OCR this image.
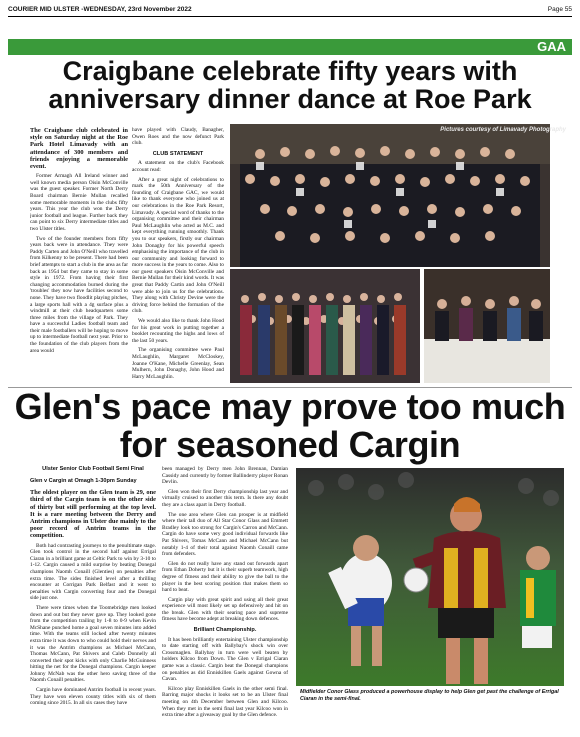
COURIER MID ULSTER -WEDNESDAY, 23rd November 2022	Page 55
GAA
Craigbane celebrate fifty years with anniversary dinner dance at Roe Park

The Craigbane club celebrated in style on Saturday night at the Roe Park Hotel Limavady with an attendance of 300 members and friends enjoying a memorable event.

Former Armagh All Ireland winner and well known media person Oisin McConville was the guest speaker. Former North Derry Board chairman Bernie Mullan recalled some memorable moments in the clubs fifty years. This year the club won the Derry junior football and league. Further back they can point to six Derry intermediate titles and two Ulster titles.

Two of the founder members from fifty years back were in attendance. They were Paddy Carten and John O'Neill who travelled from Kilkenny to be present. There had been brief attempts to start a club in the area as far back as 1954 but they came to stay in some style in 1972. From having their first changing accommodation burned during the 'troubles' they now have facilities second to none. They have two floodlit playing pitches, a large sports hall with a 4g surface plus a windmill at their club headquarters some three miles from the village of Park. They have a successful Ladies football team and their male footballers will be hoping to move up to intermediate football next year. Prior to the foundation of the club players from the area would

have played with Claudy, Banagher, Owen Roes and the now defunct Park club.

CLUB STATEMENT

A statement on the club's Facebook account read:

After a great night of celebrations to mark the 50th Anniversary of the founding of Craigbane GAC, we would like to thank everyone who joined us at our celebrations in the Roe Park Resort, Limavady. A special word of thanks to the organising committee and their chairman Paul McLaughlin who acted as M.C. and kept everything running smoothly. Thank you to our speakers, firstly our chairman John Donaghy for his powerful speech emphasising the importance of the club in our community and looking forward to more success in the years to come. Also to our guest speakers Oisin McConville and Bernie Mullan for their kind words. It was great that Paddy Cartin and John O'Neill were able to join us for the celebrations. They along with Christy Devine were the driving force behind the formation of the club.

We would also like to thank John Hood for his great work in putting together a booklet recounting the highs and lows of the last 50 years.

The organising committee were Paul McLaughlin, Margaret McCloskey, Joanne O'Kane, Michelle Greenlay, Sean Mulhern, John Donaghy, John Hood and Harry McLaughlin.

Pictures courtesy of Limavady Photography
Glen's pace may prove too much for seasoned Cargin
Ulster Senior Club Football Semi Final
Glen v Cargin at Omagh 1-30pm Sunday

The oldest player on the Glen team is 29, one third of the Cargin team is on the other side of thirty but still performing at the top level. It is a rare meeting between the Derry and Antrim champions in Ulster due mainly to the poor record of Antrim teams in the competition.

Both had contrasting journeys to the penultimate stage. Glen took control in the second half against Errigal Ciaran in a brilliant game at Celtic Park to win by 3-10 to 1-12. Cargin caused a mild surprise by beating Donegal champions Naomh Conaill (Glenties) on penalties after extra time. The sides finished level after a thrilling encounter at Corrigan Park Belfast and it went to penalties with Cargin converting four and the Donegal side just one.

There were times when the Toomebridge men looked down and out but they never gave up. They looked gone from the competition trailing by 1-8 to 0-9 when Kevin McShane punched home a goal seven minutes into added time. With the teams still locked after twenty minutes extra time it was down to who could hold their nerves and it was the Antrim champions as Michael McCann, Thomas McCann, Pat Shivers and Caleb Donnelly all converted their spot kicks with only Charlie McGuinness hitting the net for the Donegal champions. Cargin keeper Johnny McNab was the other hero saving three of the Naomh Conaill penalties.

Cargin have dominated Antrim football in recent years. They have won eleven county titles with six of them coming since 2015. In all six cases they have

been managed by Derry men John Brennan, Damian Cassidy and currently by former Ballinderry player Ronan Devlin.

Glen won their first Derry championship last year and virtually cruised to another this term. Is there any doubt they are a class apart in Derry football.

The one area where Glen can prosper is at midfield where their tall duo of All Star Conor Glass and Emmett Bradley look too strong for Cargin's Carron and McCann. Cargin do have some very good individual forwards like Pat Shivers, Tomas McCann and Michael McCann but notably 1-4 of their total against Naomh Conaill came from defenders.

Glen do not really have any stand out forwards apart from Ethan Doherty but it is their superb teamwork, high degree of fitness and their ability to give the ball to the player in the best scoring position that makes them so hard to beat.

Cargin play with great spirit and using all their great experience will most likely set up defensively and hit on the break. Glen with their searing pace and supreme fitness have become adept at breaking down defences.

Brilliant Championship.

It has been brilliantly entertaining Ulster championship to date starting off with Ballybay's shock win over Crossmaglen. Ballybay in turn were well beaten by holders Kilcoo from Down. The Glen v Errigal Ciaran game was a classic. Cargin beat the Donegal champions on penalties as did Enniskillen Gaels against Gowna of Cavan.

Kilcoo play Enniskillen Gaels in the other semi final. Barring major shocks it looks set to be an Ulster final meeting on 4th December between Glen and Kilcoo. When they met in the semi final last year Kilcoo won in extra time after a giveaway goal by the Glen defence.

Midfielder Conor Glass produced a powerhouse display to help Glen get past the challenge of Errigal Ciaran in the semi-final.
